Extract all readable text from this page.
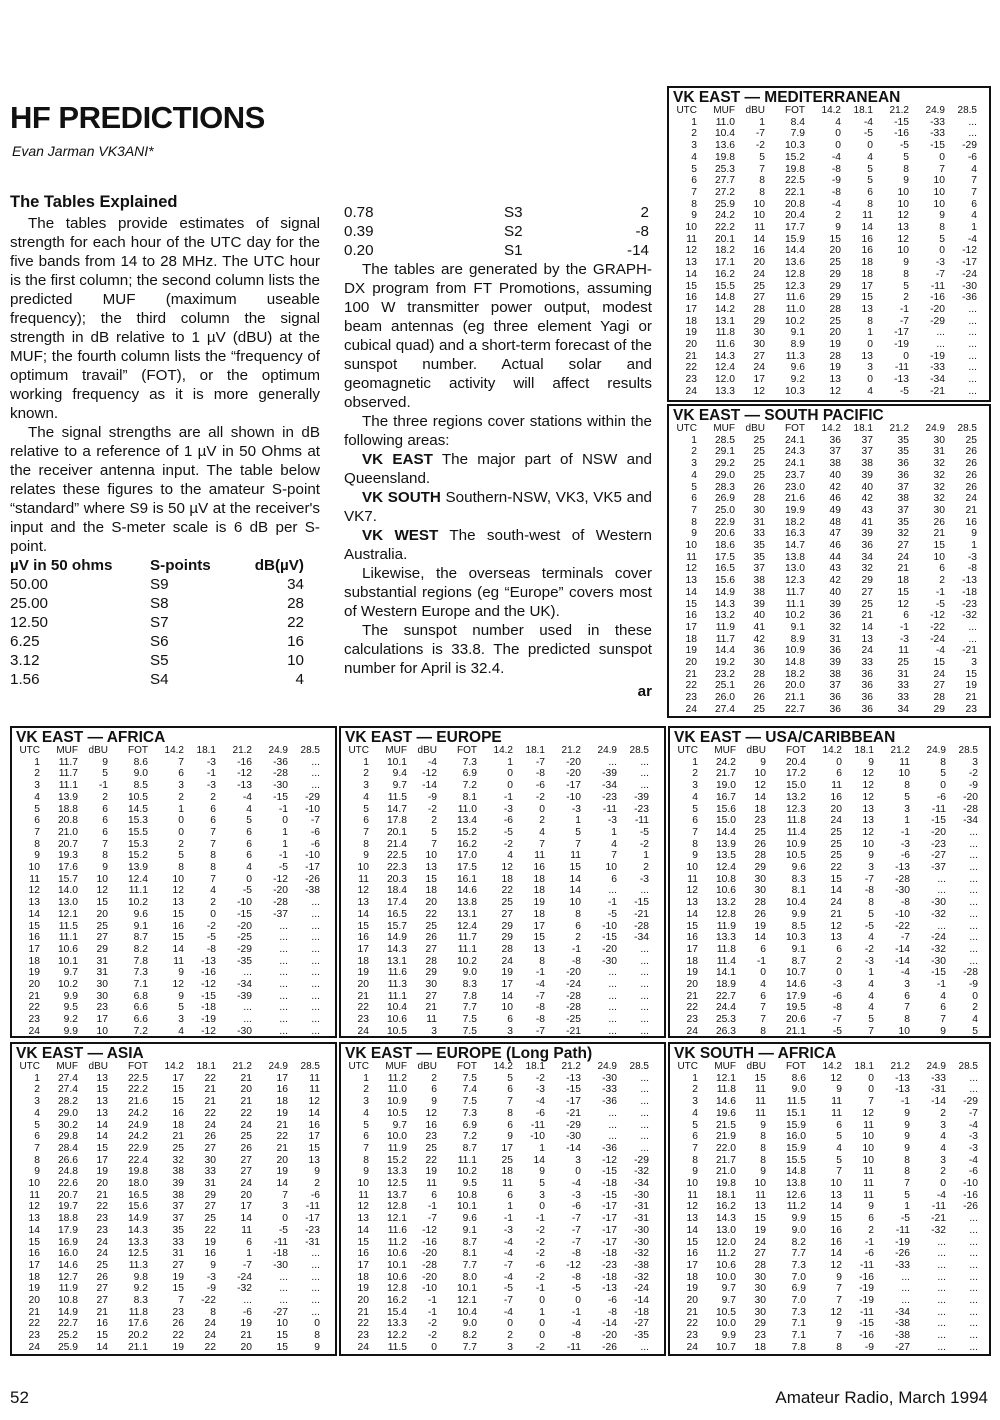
HF PREDICTIONS
Evan Jarman VK3ANI*
The Tables Explained

The tables provide estimates of signal strength for each hour of the UTC day for the five bands from 14 to 28 MHz. The UTC hour is the first column; the second column lists the predicted MUF (maximum useable frequency); the third column the signal strength in dB relative to 1 µV (dBU) at the MUF; the fourth column lists the “frequency of optimum travail” (FOT), or the optimum working frequency as it is more generally known.

The signal strengths are all shown in dB relative to a reference of 1 µV in 50 Ohms at the receiver antenna input. The table below relates these figures to the amateur S-point “standard” where S9 is 50 µV at the receiver's input and the S-meter scale is 6 dB per S-point.

µV in 50 ohms	S-points	dB(µV)
50.00	S9	34
25.00	S8	28
12.50	S7	22
6.25	S6	16
3.12	S5	10
1.56	S4	4
0.78	S3	2
0.39	S2	-8
0.20	S1	-14

The tables are generated by the GRAPH-DX program from FT Promotions, assuming 100 W transmitter power output, modest beam antennas (eg three element Yagi or cubical quad) and a short-term forecast of the sunspot number. Actual solar and geomagnetic activity will affect results observed.

The three regions cover stations within the following areas:

VK EAST The major part of NSW and Queensland.

VK SOUTH Southern-NSW, VK3, VK5 and VK7.

VK WEST The south-west of Western Australia.

Likewise, the overseas terminals cover substantial regions (eg “Europe” covers most of Western Europe and the UK).

The sunspot number used in these calculations is 33.8. The predicted sunspot number for April is 32.4.

ar
VK EAST — MEDITERRANEAN
UTC	MUF	dBU	FOT	14.2	18.1	21.2	24.9	28.5
1	11.0	1	8.4	4	-4	-15	-33	...
2	10.4	-7	7.9	0	-5	-16	-33	...
3	13.6	-2	10.3	0	0	-5	-15	-29
4	19.8	5	15.2	-4	4	5	0	-6
5	25.3	7	19.8	-8	5	8	7	4
6	27.7	8	22.5	-9	5	9	10	7
7	27.2	8	22.1	-8	6	10	10	7
8	25.9	10	20.8	-4	8	10	10	6
9	24.2	10	20.4	2	11	12	9	4
10	22.2	11	17.7	9	14	13	8	1
11	20.1	14	15.9	15	16	12	5	-4
12	18.2	16	14.4	20	16	10	0	-12
13	17.1	20	13.6	25	18	9	-3	-17
14	16.2	24	12.8	29	18	8	-7	-24
15	15.5	25	12.3	29	17	5	-11	-30
16	14.8	27	11.6	29	15	2	-16	-36
17	14.2	28	11.0	28	13	-1	-20	...
18	13.1	29	10.2	25	8	-7	-29	...
19	11.8	30	9.1	20	1	-17	...	...
20	11.6	30	8.9	19	0	-19	...	...
21	14.3	27	11.3	28	13	0	-19	...
22	12.4	24	9.6	19	3	-11	-33	...
23	12.0	17	9.2	13	0	-13	-34	...
24	13.3	12	10.3	12	4	-5	-21	...
VK EAST — SOUTH PACIFIC
UTC	MUF	dBU	FOT	14.2	18.1	21.2	24.9	28.5
1	28.5	25	24.1	36	37	35	30	25
2	29.1	25	24.3	37	37	35	31	26
3	29.2	25	24.1	38	38	36	32	26
4	29.0	25	23.7	40	39	36	32	26
5	28.3	26	23.0	42	40	37	32	26
6	26.9	28	21.6	46	42	38	32	24
7	25.0	30	19.9	49	43	37	30	21
8	22.9	31	18.2	48	41	35	26	16
9	20.6	33	16.3	47	39	32	21	9
10	18.6	35	14.7	46	36	27	15	1
11	17.5	35	13.8	44	34	24	10	-3
12	16.5	37	13.0	43	32	21	6	-8
13	15.6	38	12.3	42	29	18	2	-13
14	14.9	38	11.7	40	27	15	-1	-18
15	14.3	39	11.1	39	25	12	-5	-23
16	13.2	40	10.2	36	21	6	-12	-32
17	11.9	41	9.1	32	14	-1	-22	...
18	11.7	42	8.9	31	13	-3	-24	...
19	14.4	36	10.9	36	24	11	-4	-21
20	19.2	30	14.8	39	33	25	15	3
21	23.2	28	18.2	38	36	31	24	15
22	25.1	26	20.0	37	36	33	27	19
23	26.0	26	21.1	36	36	33	28	21
24	27.4	25	22.7	36	36	34	29	23
VK EAST — AFRICA
UTC	MUF	dBU	FOT	14.2	18.1	21.2	24.9	28.5
1	11.7	9	8.6	7	-3	-16	-36	...
2	11.7	5	9.0	6	-1	-12	-28	...
3	11.1	-1	8.5	3	-3	-13	-30	...
4	13.9	2	10.5	2	2	-4	-15	-29
5	18.8	6	14.5	1	6	4	-1	-10
6	20.8	6	15.3	0	6	5	0	-7
7	21.0	6	15.5	0	7	6	1	-6
8	20.7	7	15.3	2	7	6	1	-6
9	19.3	8	15.2	5	8	6	-1	-10
10	17.6	9	13.9	8	8	4	-5	-17
11	15.7	10	12.4	10	7	0	-12	-26
12	14.0	12	11.1	12	4	-5	-20	-38
13	13.0	15	10.2	13	2	-10	-28	...
14	12.1	20	9.6	15	0	-15	-37	...
15	11.5	25	9.1	16	-2	-20	...	...
16	11.1	27	8.7	15	-5	-25	...	...
17	10.6	29	8.2	14	-8	-29	...	...
18	10.1	31	7.8	11	-13	-35	...	...
19	9.7	31	7.3	9	-16	...	...	...
20	10.2	30	7.1	12	-12	-34	...	...
21	9.9	30	6.8	9	-15	-39	...	...
22	9.5	23	6.6	5	-18	...	...	...
23	9.2	17	6.6	3	-19	...	...	...
24	9.9	10	7.2	4	-12	-30	...	...
VK EAST — EUROPE
UTC	MUF	dBU	FOT	14.2	18.1	21.2	24.9	28.5
1	10.1	-4	7.3	1	-7	-20	...	...
2	9.4	-12	6.9	0	-8	-20	-39	...
3	9.7	-14	7.2	0	-6	-17	-34	...
4	11.5	-9	8.1	-1	-2	-10	-23	-39
5	14.7	-2	11.0	-3	0	-3	-11	-23
6	17.8	2	13.4	-6	2	1	-3	-11
7	20.1	5	15.2	-5	4	5	1	-5
8	21.4	7	16.2	-2	7	7	4	-2
9	22.5	10	17.0	4	11	11	7	1
10	22.3	13	17.5	12	16	15	10	2
11	20.3	15	16.1	18	18	14	6	-3
12	18.4	18	14.6	22	18	14	...	...
13	17.4	20	13.8	25	19	10	-1	-15
14	16.5	22	13.1	27	18	8	-5	-21
15	15.7	25	12.4	29	17	6	-10	-28
16	14.9	26	11.7	29	15	2	-15	-34
17	14.3	27	11.1	28	13	-1	-20	...
18	13.1	28	10.2	24	8	-8	-30	...
19	11.6	29	9.0	19	-1	-20	...	...
20	11.3	30	8.3	17	-4	-24	...	...
21	11.1	27	7.8	14	-7	-28	...	...
22	10.4	21	7.7	10	-8	-28	...	...
23	10.6	11	7.5	6	-8	-25	...	...
24	10.5	3	7.5	3	-7	-21	...	...
VK EAST — USA/CARIBBEAN
UTC	MUF	dBU	FOT	14.2	18.1	21.2	24.9	28.5
1	24.2	9	20.4	0	9	11	8	3
2	21.7	10	17.2	6	12	10	5	-2
3	19.0	12	15.0	11	12	8	0	-9
4	16.7	14	13.2	16	12	5	-6	-20
5	15.6	18	12.3	20	13	3	-11	-28
6	15.0	23	11.8	24	13	1	-15	-34
7	14.4	25	11.4	25	12	-1	-20	...
8	13.9	26	10.9	25	10	-3	-23	...
9	13.5	28	10.5	25	9	-6	-27	...
10	12.4	29	9.6	22	3	-13	-37	...
11	10.8	30	8.3	15	-7	-28	...	...
12	10.6	30	8.1	14	-8	-30	...	...
13	13.2	28	10.4	24	8	-8	-30	...
14	12.8	26	9.9	21	5	-10	-32	...
15	11.9	19	8.5	12	-5	-22	...	...
16	13.3	14	10.3	13	4	-7	-24	...
17	11.8	6	9.1	6	-2	-14	-32	...
18	11.4	-1	8.7	2	-3	-14	-30	...
19	14.1	0	10.7	0	1	-4	-15	-28
20	18.9	4	14.6	-3	4	3	-1	-9
21	22.7	6	17.9	-6	4	6	4	0
22	24.4	7	19.5	-8	4	7	6	2
23	25.3	7	20.6	-7	5	8	7	4
24	26.3	8	21.1	-5	7	10	9	5
VK EAST — ASIA
UTC	MUF	dBU	FOT	14.2	18.1	21.2	24.9	28.5
1	27.4	13	22.5	17	22	21	17	11
2	27.4	15	22.2	15	21	20	16	11
3	28.2	13	21.6	15	21	21	18	12
4	29.0	13	24.2	16	22	22	19	14
5	30.2	14	24.9	18	24	24	21	16
6	29.8	14	24.2	21	26	25	22	17
7	28.4	15	22.9	25	27	26	21	15
8	26.6	17	22.4	32	30	27	20	13
9	24.8	19	19.8	38	33	27	19	9
10	22.6	20	18.0	39	31	24	14	2
11	20.7	21	16.5	38	29	20	7	-6
12	19.7	22	15.6	37	27	17	3	-11
13	18.8	23	14.9	37	25	14	0	-17
14	17.9	23	14.3	35	22	11	-5	-23
15	16.9	24	13.3	33	19	6	-11	-31
16	16.0	24	12.5	31	16	1	-18	...
17	14.6	25	11.3	27	9	-7	-30	...
18	12.7	26	9.8	19	-3	-24	...	...
19	11.9	27	9.2	15	-9	-32	...	...
20	10.8	27	8.3	7	-22	...	...	...
21	14.9	21	11.8	23	8	-6	-27	...
22	22.7	16	17.6	26	24	19	10	0
23	25.2	15	20.2	22	24	21	15	8
24	25.9	14	21.1	19	22	20	15	9
VK EAST — EUROPE (Long Path)
UTC	MUF	dBU	FOT	14.2	18.1	21.2	24.9	28.5
1	11.2	2	7.5	5	-2	-13	-30	...
2	11.0	6	7.4	6	-3	-15	-33	...
3	10.9	9	7.5	7	-4	-17	-36	...
4	10.5	12	7.3	8	-6	-21	...	...
5	9.7	16	6.9	6	-11	-29	...	...
6	10.0	23	7.2	9	-10	-30	...	...
7	11.9	25	8.7	17	1	-14	-36	...
8	15.2	22	11.1	25	14	3	-12	-29
9	13.3	19	10.2	18	9	0	-15	-32
10	12.5	11	9.5	11	5	-4	-18	-34
11	13.7	6	10.8	6	3	-3	-15	-30
12	12.8	-1	10.1	1	0	-6	-17	-31
13	12.1	-7	9.6	-1	-1	-7	-17	-31
14	11.6	-12	9.1	-3	-2	-7	-17	-30
15	11.2	-16	8.7	-4	-2	-7	-17	-30
16	10.6	-20	8.1	-4	-2	-8	-18	-32
17	10.1	-28	7.7	-7	-6	-12	-23	-38
18	10.6	-20	8.0	-4	-2	-8	-18	-32
19	12.8	-10	10.1	-5	-1	-5	-13	-24
20	16.2	-1	12.1	-7	0	0	-6	-14
21	15.4	-1	10.4	-4	1	-1	-8	-18
22	13.3	-2	9.0	0	0	-4	-14	-27
23	12.2	-2	8.2	2	0	-8	-20	-35
24	11.5	0	7.7	3	-2	-11	-26	...
VK SOUTH — AFRICA
UTC	MUF	dBU	FOT	14.2	18.1	21.2	24.9	28.5
1	12.1	15	8.6	12	0	-13	-33	...
2	11.8	11	9.0	9	0	-13	-31	...
3	14.6	11	11.5	11	7	-1	-14	-29
4	19.6	11	15.1	11	12	9	2	-7
5	21.5	9	15.9	6	11	9	3	-4
6	21.9	8	16.0	5	10	9	4	-3
7	22.0	8	15.9	4	10	9	4	-3
8	21.7	8	15.5	5	10	8	3	-4
9	21.0	9	14.8	7	11	8	2	-6
10	19.8	10	13.8	10	11	7	0	-10
11	18.1	11	12.6	13	11	5	-4	-16
12	16.2	13	11.2	14	9	1	-11	-26
13	14.3	15	9.9	15	6	-5	-21	...
14	13.0	19	9.0	16	2	-11	-32	...
15	12.0	24	8.2	16	-1	-19	...	...
16	11.2	27	7.7	14	-6	-26	...	...
17	10.6	28	7.3	12	-11	-33	...	...
18	10.0	30	7.0	9	-16	...	...	...
19	9.7	30	6.9	7	-19	...	...	...
20	9.7	30	7.0	7	-19	...	...	...
21	10.5	30	7.3	12	-11	-34	...	...
22	10.0	29	7.1	9	-15	-38	...	...
23	9.9	23	7.1	7	-16	-38	...	...
24	10.7	18	7.8	8	-9	-27	...	...
52	Amateur Radio, March 1994
